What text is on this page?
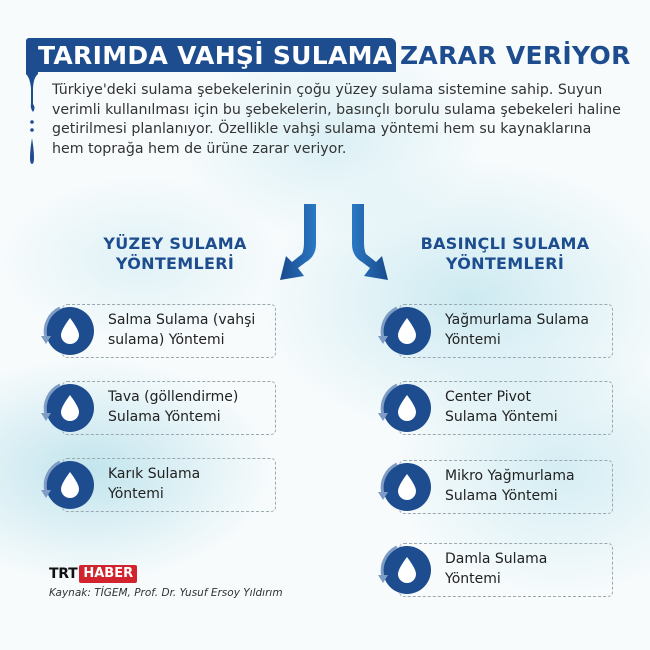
TARIMDA VAHŞİ SULAMA ZARAR VERİYOR
Türkiye'deki sulama şebekelerinin çoğu yüzey sulama sistemine sahip. Suyun verimli kullanılması için bu şebekelerin, basınçlı borulu sulama şebekeleri haline getirilmesi planlanıyor. Özellikle vahşi sulama yöntemi hem su kaynaklarına hem toprağa hem de ürüne zarar veriyor.
YÜZEY SULAMA
YÖNTEMLERİ
BASINÇLI SULAMA
YÖNTEMLERİ
Salma Sulama (vahşi
sulama) Yöntemi
Tava (göllendirme)
Sulama Yöntemi
Karık Sulama
Yöntemi
Yağmurlama Sulama
Yöntemi
Center Pivot
Sulama Yöntemi
Mikro Yağmurlama
Sulama Yöntemi
Damla Sulama
Yöntemi
TRT HABER
Kaynak: TİGEM, Prof. Dr. Yusuf Ersoy Yıldırım
